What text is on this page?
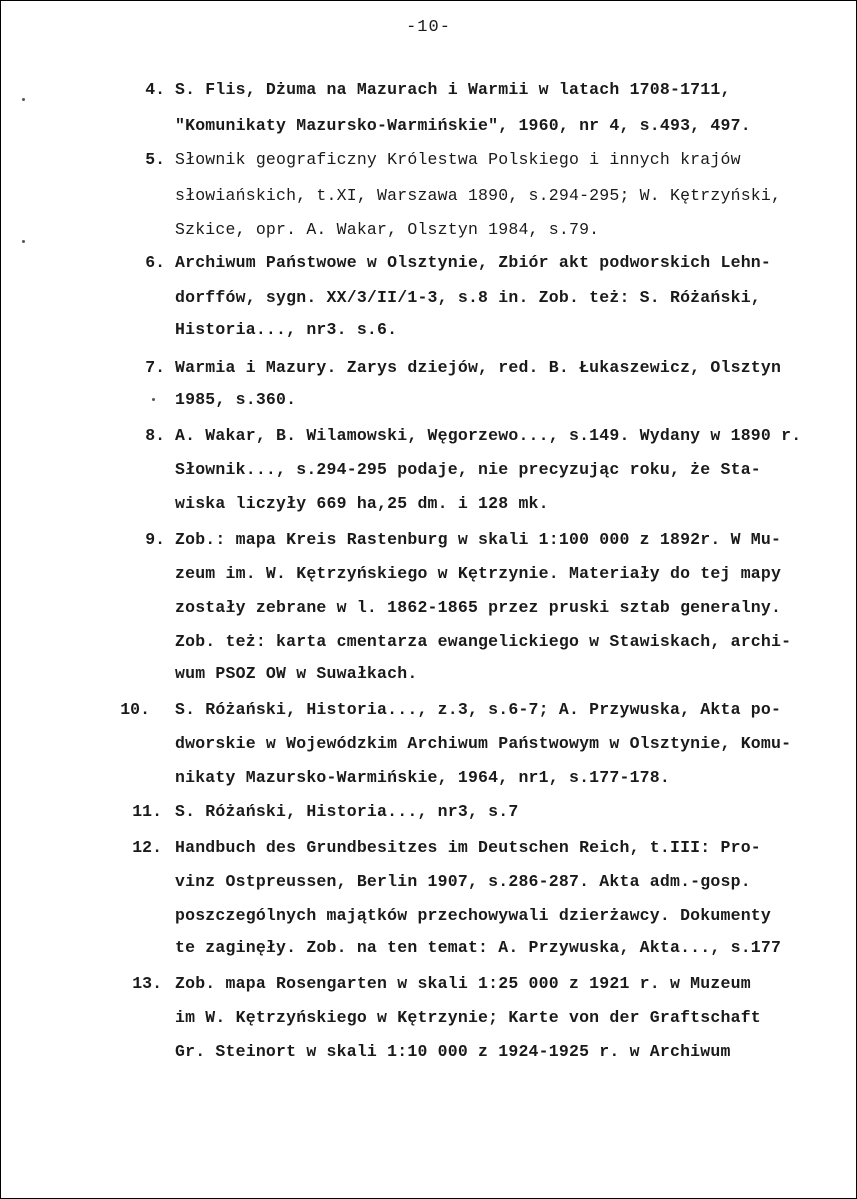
-10-
4. S. Flis, Dżuma na Mazurach i Warmii w latach 1708-1711,
"Komunikaty Mazursko-Warmińskie", 1960, nr 4, s.493, 497.
5. Słownik geograficzny Królestwa Polskiego i innych krajów
słowiańskich, t.XI, Warszawa 1890, s.294-295; W. Kętrzyński,
Szkice, opr. A. Wakar, Olsztyn 1984, s.79.
6. Archiwum Państwowe w Olsztynie, Zbiór akt podworskich Lehn-
dorffów, sygn. XX/3/II/1-3, s.8 in. Zob. też: S. Różański,
Historia..., nr3. s.6.
7. Warmia i Mazury. Zarys dziejów, red. B. Łukaszewicz, Olsztyn
1985, s.360.
8. A. Wakar, B. Wilamowski, Węgorzewo..., s.149. Wydany w 1890 r.
Słownik..., s.294-295 podaje, nie precyzując roku, że Sta-
wiska liczyły 669 ha,25 dm. i 128 mk.
9. Zob.: mapa Kreis Rastenburg w skali 1:100 000 z 1892r. W Mu-
zeum im. W. Kętrzyńskiego w Kętrzynie. Materiały do tej mapy
zostały zebrane w l. 1862-1865 przez pruski sztab generalny.
Zob. też: karta cmentarza ewangelickiego w Stawiskach, archi-
wum PSOZ OW w Suwałkach.
10. S. Różański, Historia..., z.3, s.6-7; A. Przywuska, Akta po-
dworskie w Wojewódzkim Archiwum Państwowym w Olsztynie, Komu-
nikaty Mazursko-Warmińskie, 1964, nr1, s.177-178.
11. S. Różański, Historia..., nr3, s.7
12. Handbuch des Grundbesitzes im Deutschen Reich, t.III: Pro-
vinz Ostpreussen, Berlin 1907, s.286-287. Akta adm.-gosp.
poszczególnych majątków przechowywali dzierżawcy. Dokumenty
te zaginęły. Zob. na ten temat: A. Przywuska, Akta..., s.177
13. Zob. mapa Rosengarten w skali 1:25 000 z 1921 r. w Muzeum
im W. Kętrzyńskiego w Kętrzynie; Karte von der Graftschaft
Gr. Steinort w skali 1:10 000 z 1924-1925 r. w Archiwum
